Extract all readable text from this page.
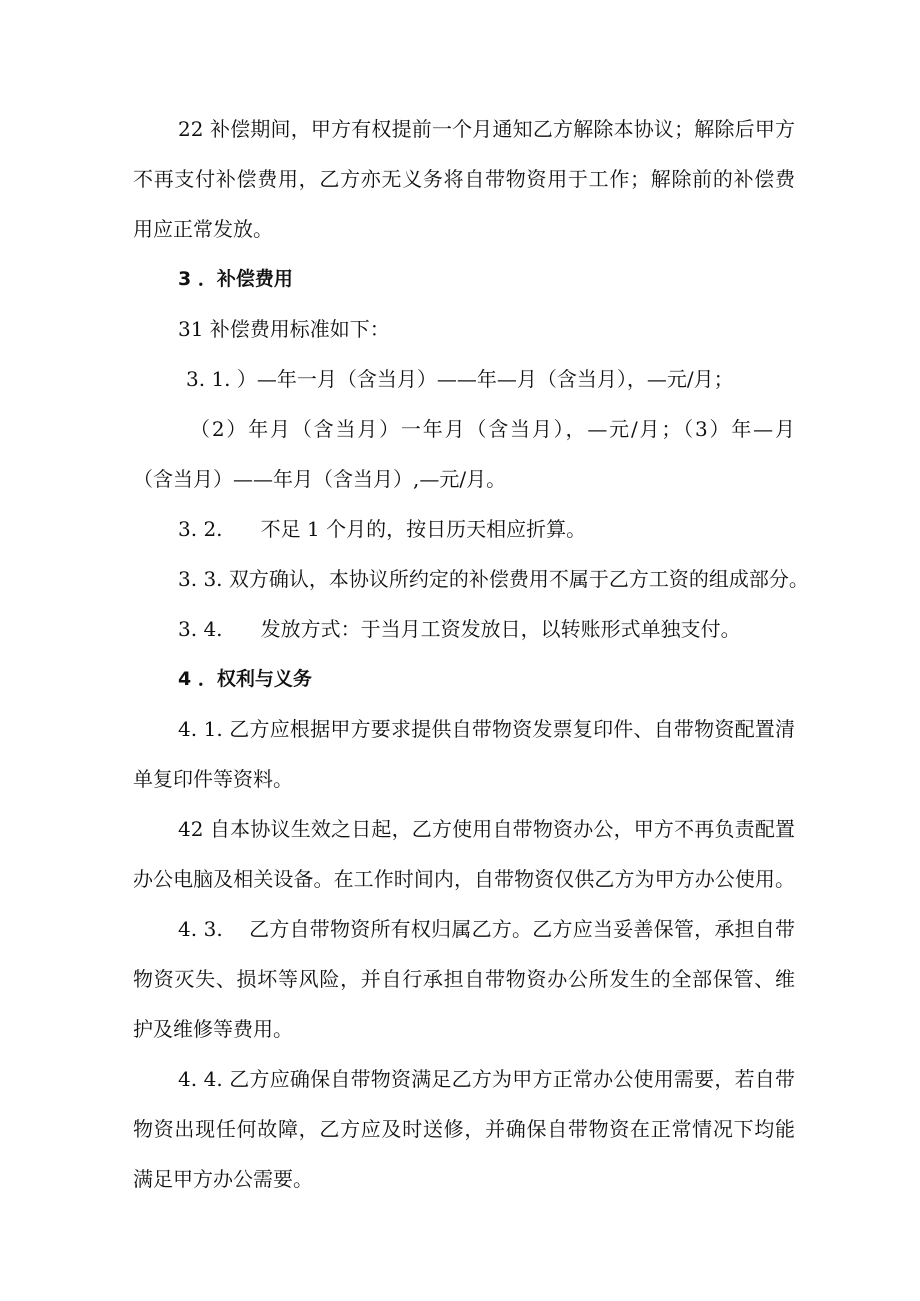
22 补偿期间，甲方有权提前一个月通知乙方解除本协议；解除后甲方
不再支付补偿费用，乙方亦无义务将自带物资用于工作；解除前的补偿费
用应正常发放。
3 ．补偿费用
31 补偿费用标准如下：
3. 1. ）—年一月（含当月）——年—月（含当月），—元/月；
（2）年月（含当月）一年月（含当月），—元/月；（3）年—月
（含当月）——年月（含当月）,—元/月。
3. 2.      不足 1 个月的，按日历天相应折算。
3. 3. 双方确认，本协议所约定的补偿费用不属于乙方工资的组成部分。
3. 4.      发放方式：于当月工资发放日，以转账形式单独支付。
4 ．权利与义务
4. 1. 乙方应根据甲方要求提供自带物资发票复印件、自带物资配置清
单复印件等资料。
42 自本协议生效之日起，乙方使用自带物资办公，甲方不再负责配置
办公电脑及相关设备。在工作时间内，自带物资仅供乙方为甲方办公使用。
4. 3.    乙方自带物资所有权归属乙方。乙方应当妥善保管，承担自带
物资灭失、损坏等风险，并自行承担自带物资办公所发生的全部保管、维
护及维修等费用。
4. 4. 乙方应确保自带物资满足乙方为甲方正常办公使用需要，若自带
物资出现任何故障，乙方应及时送修，并确保自带物资在正常情况下均能
满足甲方办公需要。
